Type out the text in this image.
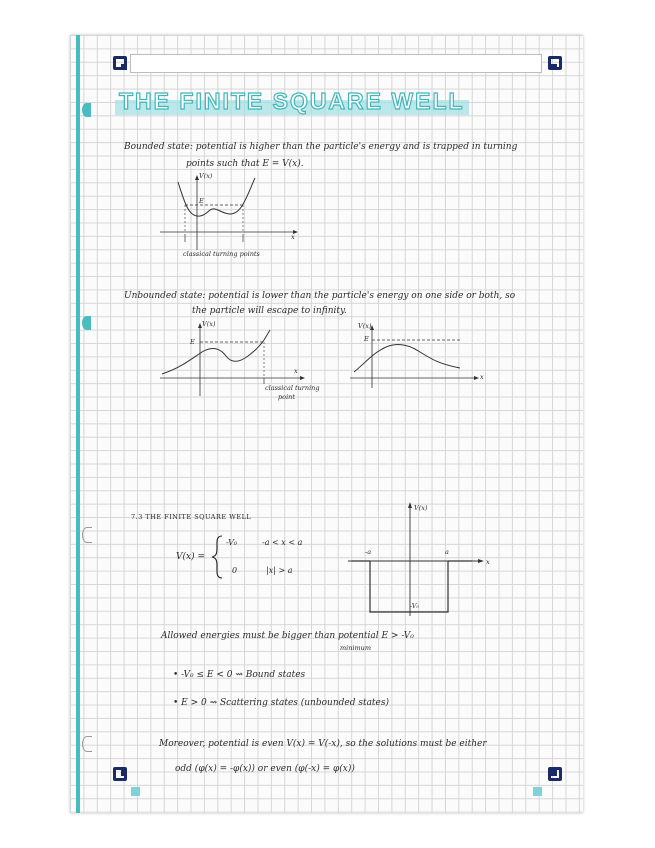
THE FINITE SQUARE WELL
Bounded state: potential is higher than the particle's energy and is trapped in turning
points such that E = V(x).
V(x)
E
x
classical turning points
Unbounded state: potential is lower than the particle's energy on one side or both, so
the particle will escape to infinity.
V(x)
E
x
classical turning
point
V(x)
E
x
7.3 THE FINITE SQUARE WELL
V(x) =
-V₀	-a < x < a
0	|x| > a
V(x)
-a	a
x
-V₀
Allowed energies must be bigger than potential E > -V₀
minimum
• -V₀ ≤ E < 0 ⇝ Bound states
• E > 0 ⇝ Scattering states (unbounded states)
Moreover, potential is even V(x) = V(-x), so the solutions must be either
odd (φ(x) = -φ(x)) or even (φ(-x) = φ(x))
